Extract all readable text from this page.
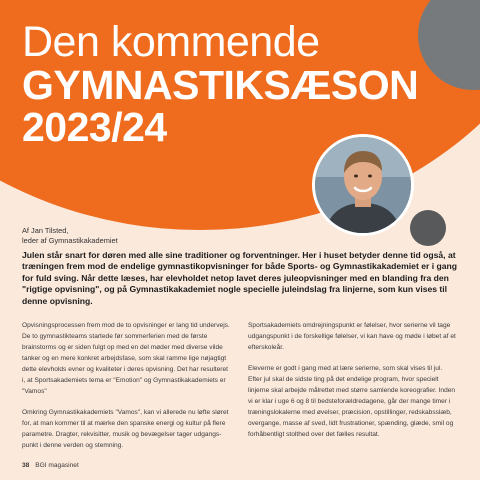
Den kommende
GYMNASTIKSÆSON
2023/24
Af Jan Tilsted,
leder af Gymnastikakademiet
Julen står snart for døren med alle sine traditioner og forventninger. Her i huset betyder denne tid også, at træningen frem mod de endelige gymnastikopvisninger for både Sports- og Gymnastikakademiet er i gang for fuld sving. Når dette læses, har elevholdet netop lavet deres juleopvisninger med en blanding fra den "rigtige opvisning", og på Gymnastikakademiet nogle specielle juleindslag fra linjerne, som kun vises til denne opvisning.

Opvisningsprocessen frem mod de to opvisninger er lang tid undervejs. De to gymnastikteams startede før sommerferien med de første brainstorms og er siden fulgt op med en del møder med diverse vilde tanker og en mere konkret arbejdsfase, som skal ramme lige nøjagtigt dette elevholds evner og kvaliteter i deres opvisning. Det har resulteret i, at Sportsakademiets tema er "Emotion" og Gymnastikakademiets er "Vamos"

Omkring Gymnastikakademiets "Vamos", kan vi allerede nu løfte sløret for, at man kommer til at mærke den spanske energi og kultur på flere parametre. Dragter, rekvisitter, musik og bevægelser tager udgangspunkt i denne verden og stemning.

Sportsakademiets omdrejningspunkt er følelser, hvor serierne vil tage udgangspunkt i de forskellige følelser, vi kan have og møde i løbet af et efterskoleår.

Eleverne er godt i gang med at lære serierne, som skal vises til jul. Efter jul skal de sidste ting på det endelige program, hvor specielt linjerne skal arbejde målrettet med større samlende koreografier. Inden vi er klar i uge 6 og 8 til bedsteforældredagene, går der mange timer i træningslokalerne med øvelser, præcision, opstillinger, redskabsslæb, overgange, masse af sved, lidt frustrationer, spænding, glæde, smil og forhåbentligt stolthed over det fælles resultat.

38 BGI magasinet
